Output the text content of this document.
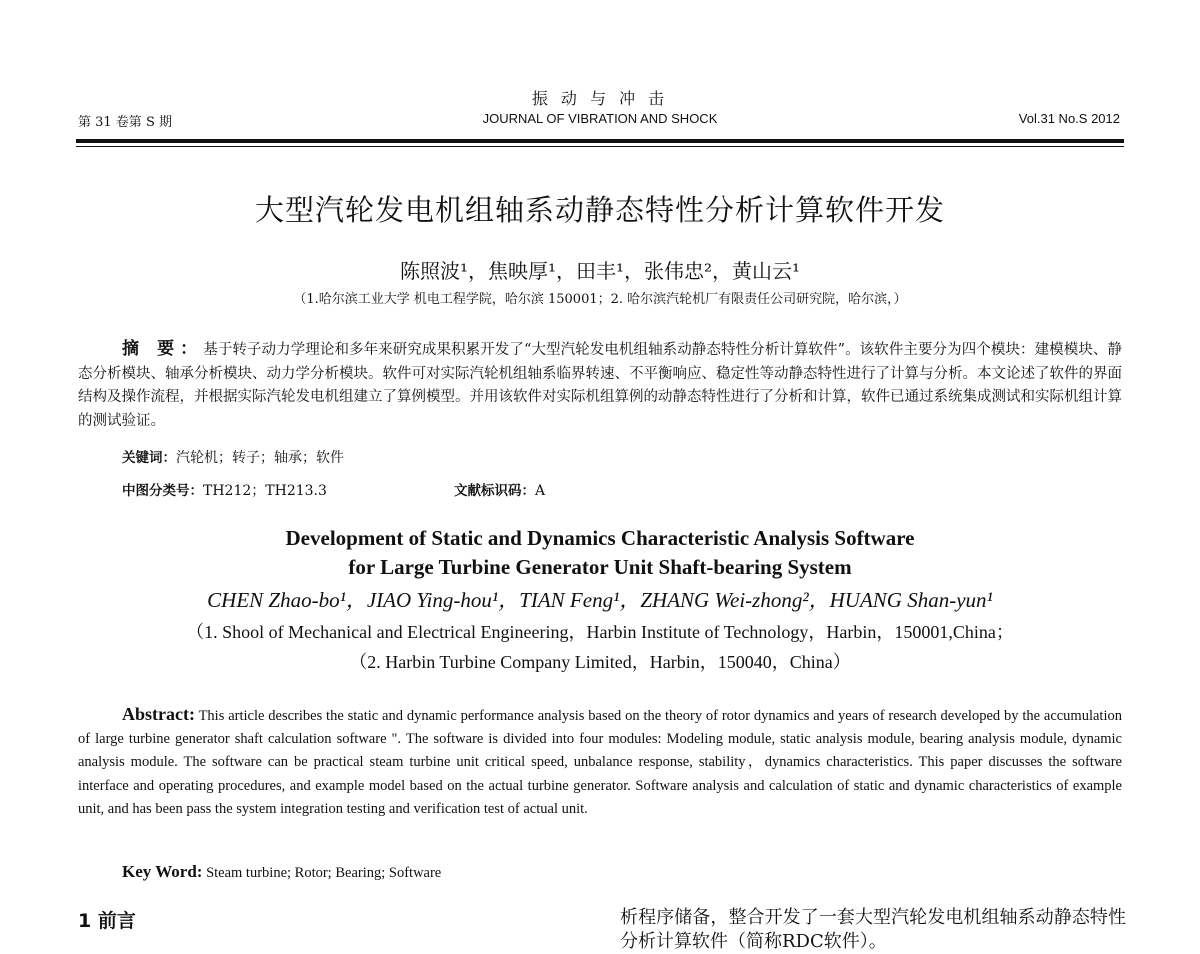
振 动 与 冲 击
第 31 卷第 S 期	JOURNAL OF VIBRATION AND SHOCK	Vol.31 No.S 2012
大型汽轮发电机组轴系动静态特性分析计算软件开发
陈照波¹，焦映厚¹，田丰¹，张伟忠²，黄山云¹
（1.哈尔滨工业大学 机电工程学院，哈尔滨 150001；2. 哈尔滨汽轮机厂有限责任公司研究院，哈尔滨，）
摘 要：基于转子动力学理论和多年来研究成果积累开发了“大型汽轮发电机组轴系动静态特性分析计算软件”。该软件主要分为四个模块：建模模块、静态分析模块、轴承分析模块、动力学分析模块。软件可对实际汽轮机组轴系临界转速、不平衡响应、稳定性等动静态特性进行了计算与分析。本文论述了软件的界面结构及操作流程，并根据实际汽轮发电机组建立了算例模型。并用该软件对实际机组算例的动静态特性进行了分析和计算，软件已通过系统集成测试和实际机组计算的测试验证。
关键词：汽轮机；转子；轴承；软件
中图分类号：TH212；TH213.3	文献标识码：A
Development of Static and Dynamics Characteristic Analysis Software
for Large Turbine Generator Unit Shaft-bearing System
CHEN Zhao-bo¹，JIAO Ying-hou¹，TIAN Feng¹，ZHANG Wei-zhong²，HUANG Shan-yun¹
（1. Shool of Mechanical and Electrical Engineering，Harbin Institute of Technology，Harbin，150001,China；
（2. Harbin Turbine Company Limited，Harbin，150040，China）
Abstract: This article describes the static and dynamic performance analysis based on the theory of rotor dynamics and years of research developed by the accumulation of large turbine generator shaft calculation software ". The software is divided into four modules: Modeling module, static analysis module, bearing analysis module, dynamic analysis module. The software can be practical steam turbine unit critical speed, unbalance response, stability，dynamics characteristics. This paper discusses the software interface and operating procedures, and example model based on the actual turbine generator. Software analysis and calculation of static and dynamic characteristics of example unit, and has been pass the system integration testing and verification test of actual unit.
Key Word: Steam turbine; Rotor; Bearing; Software
1 前言	析程序储备，整合开发了一套大型汽轮发电机组轴系动静态特性分析计算软件（简称RDC软件）。
